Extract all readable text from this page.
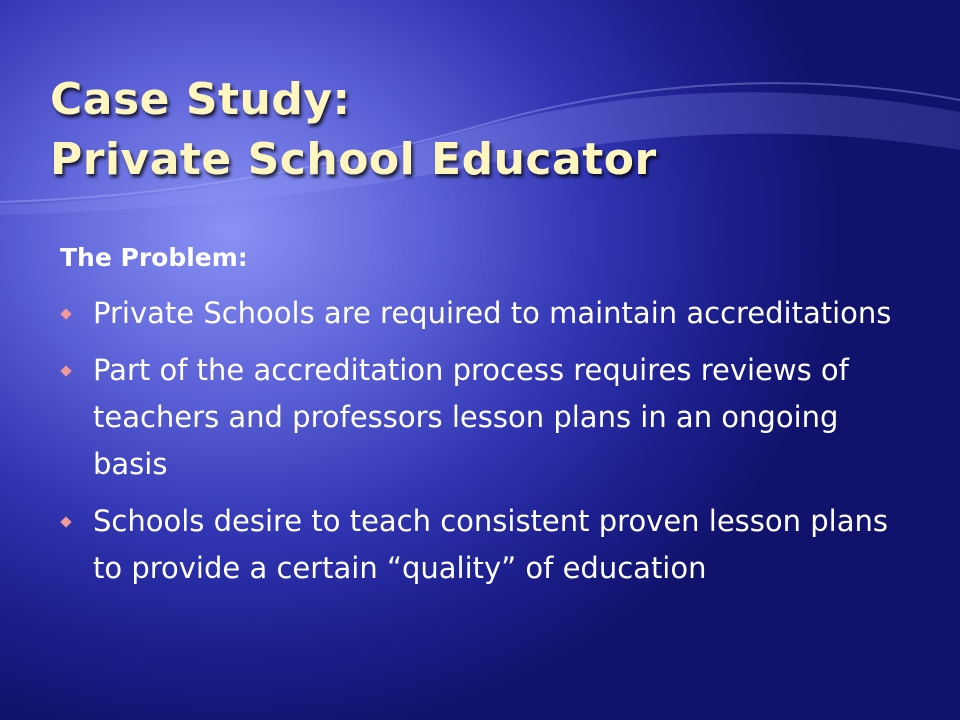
Case Study:
Private School Educator

The Problem:

Private Schools are required to maintain accreditations
Part of the accreditation process requires reviews of teachers and professors lesson plans in an ongoing basis
Schools desire to teach consistent proven lesson plans to provide a certain “quality” of education
